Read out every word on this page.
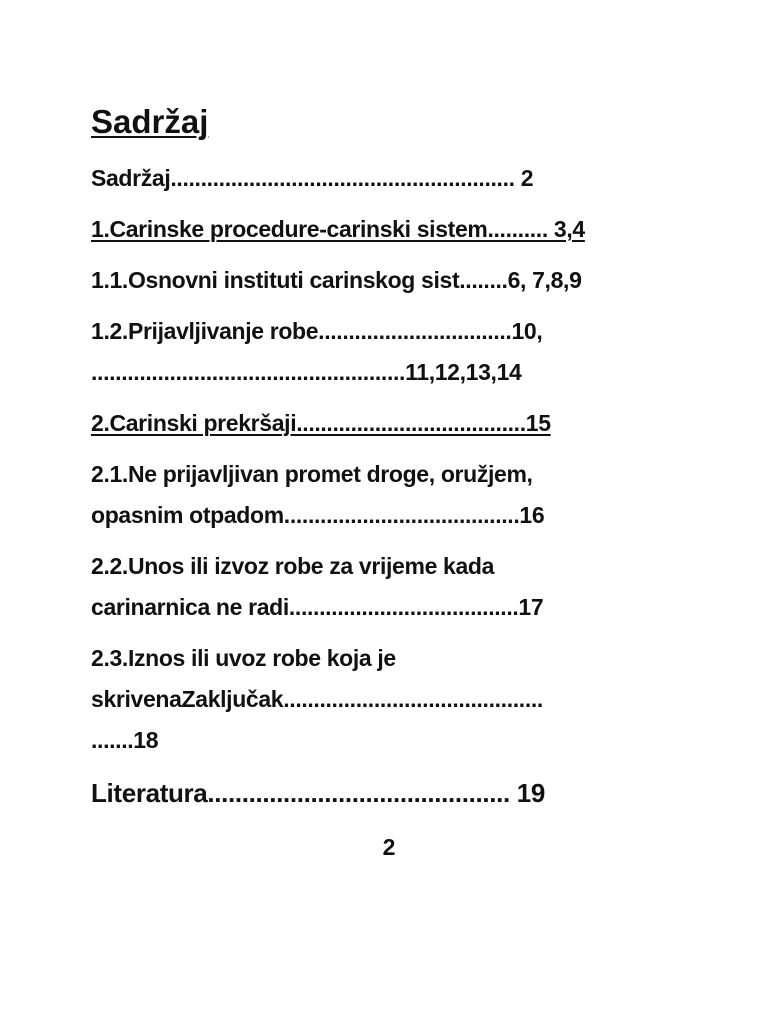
Sadržaj
Sadržaj......................................................... 2
1.Carinske procedure-carinski sistem.......... 3,4
1.1.Osnovni instituti carinskog sist........6, 7,8,9
1.2.Prijavljivanje robe................................10,
....................................................11,12,13,14
2.Carinski prekršaji......................................15
2.1.Ne prijavljivan promet droge, oružjem,
opasnim otpadom.......................................16
2.2.Unos ili izvoz robe za vrijeme kada
carinarnica ne radi......................................17
2.3.Iznos ili uvoz robe koja je
skrivenaZaključak...........................................
.......18
Literatura............................................ 19
2
